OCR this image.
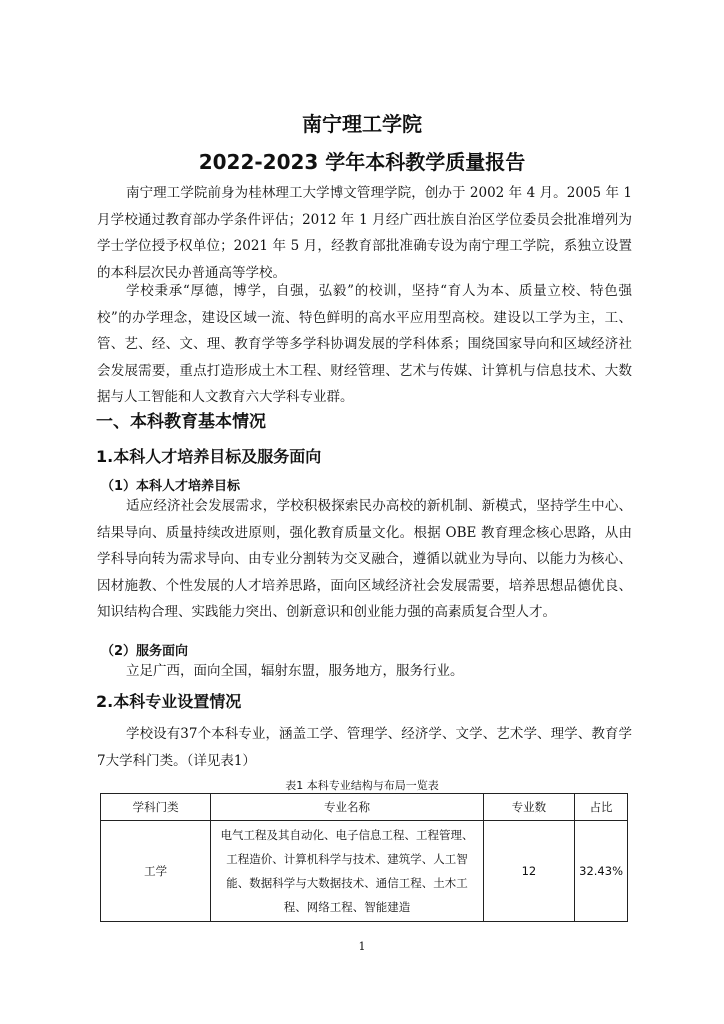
南宁理工学院
2022-2023 学年本科教学质量报告

南宁理工学院前身为桂林理工大学博文管理学院，创办于 2002 年 4 月。2005 年 1 月学校通过教育部办学条件评估；2012 年 1 月经广西壮族自治区学位委员会批准增列为学士学位授予权单位；2021 年 5 月，经教育部批准确专设为南宁理工学院，系独立设置的本科层次民办普通高等学校。

学校秉承“厚德，博学，自强，弘毅”的校训，坚持“育人为本、质量立校、特色强校”的办学理念，建设区域一流、特色鲜明的高水平应用型高校。建设以工学为主，工、管、艺、经、文、理、教育学等多学科协调发展的学科体系；围绕国家导向和区域经济社会发展需要，重点打造形成土木工程、财经管理、艺术与传媒、计算机与信息技术、大数据与人工智能和人文教育六大学科专业群。

一、本科教育基本情况
1.本科人才培养目标及服务面向
（1）本科人才培养目标

适应经济社会发展需求，学校积极探索民办高校的新机制、新模式，坚持学生中心、结果导向、质量持续改进原则，强化教育质量文化。根据 OBE 教育理念核心思路，从由学科导向转为需求导向、由专业分割转为交叉融合，遵循以就业为导向、以能力为核心、因材施教、个性发展的人才培养思路，面向区域经济社会发展需要，培养思想品德优良、知识结构合理、实践能力突出、创新意识和创业能力强的高素质复合型人才。

（2）服务面向

立足广西，面向全国，辐射东盟，服务地方，服务行业。

2.本科专业设置情况

学校设有37个本科专业，涵盖工学、管理学、经济学、文学、艺术学、理学、教育学7大学科门类。（详见表1）

表1 本科专业结构与布局一览表
学科门类	专业名称	专业数	占比
工学	电气工程及其自动化、电子信息工程、工程管理、工程造价、计算机科学与技术、建筑学、人工智能、数据科学与大数据技术、通信工程、土木工程、网络工程、智能建造	12	32.43%
1
